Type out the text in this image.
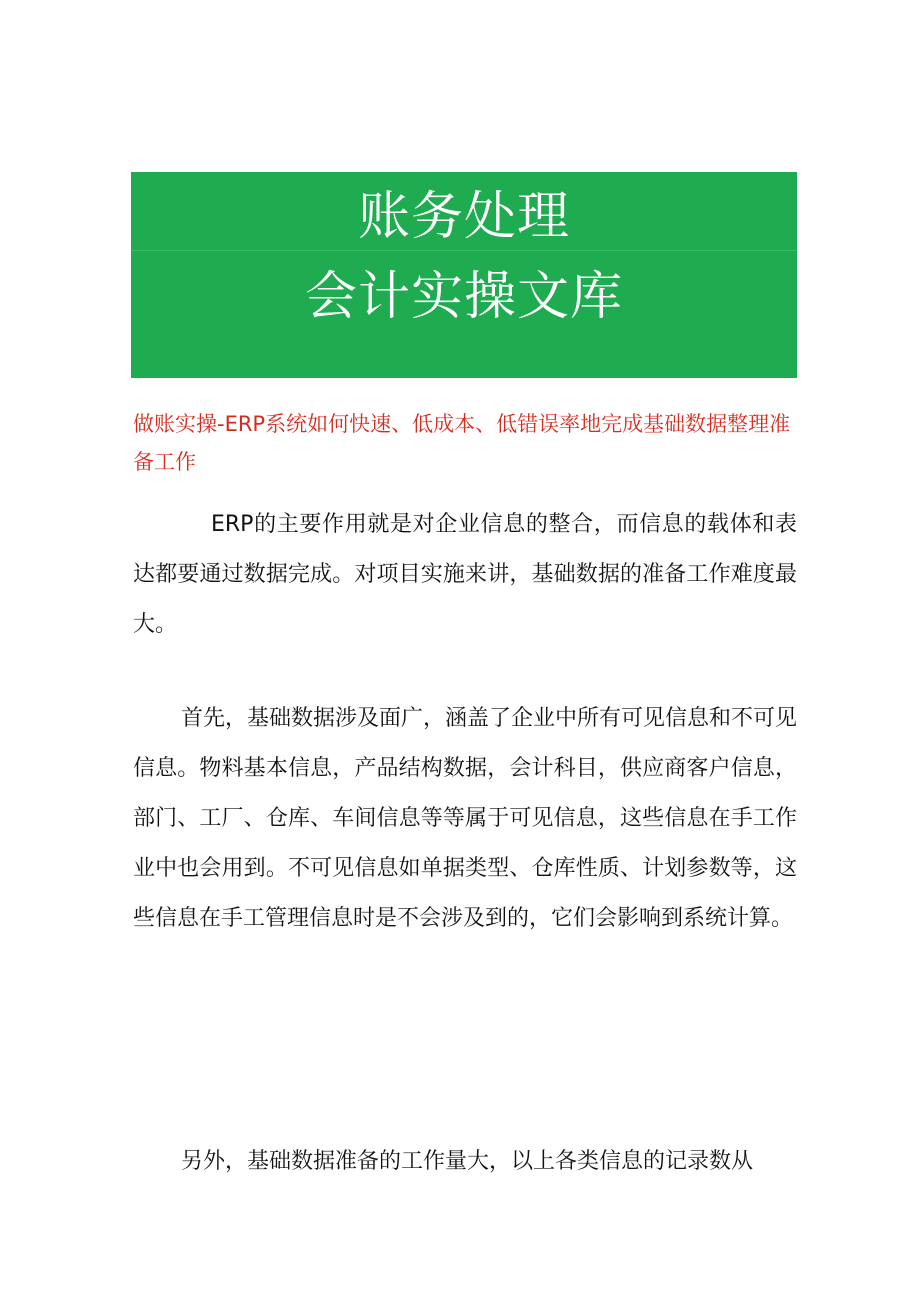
账务处理
会计实操文库
做账实操-ERP系统如何快速、低成本、低错误率地完成基础数据整理准备工作
ERP的主要作用就是对企业信息的整合，而信息的载体和表达都要通过数据完成。对项目实施来讲，基础数据的准备工作难度最大。
首先，基础数据涉及面广，涵盖了企业中所有可见信息和不可见信息。物料基本信息，产品结构数据，会计科目，供应商客户信息，部门、工厂、仓库、车间信息等等属于可见信息，这些信息在手工作业中也会用到。不可见信息如单据类型、仓库性质、计划参数等，这些信息在手工管理信息时是不会涉及到的，它们会影响到系统计算。
另外，基础数据准备的工作量大，以上各类信息的记录数从
